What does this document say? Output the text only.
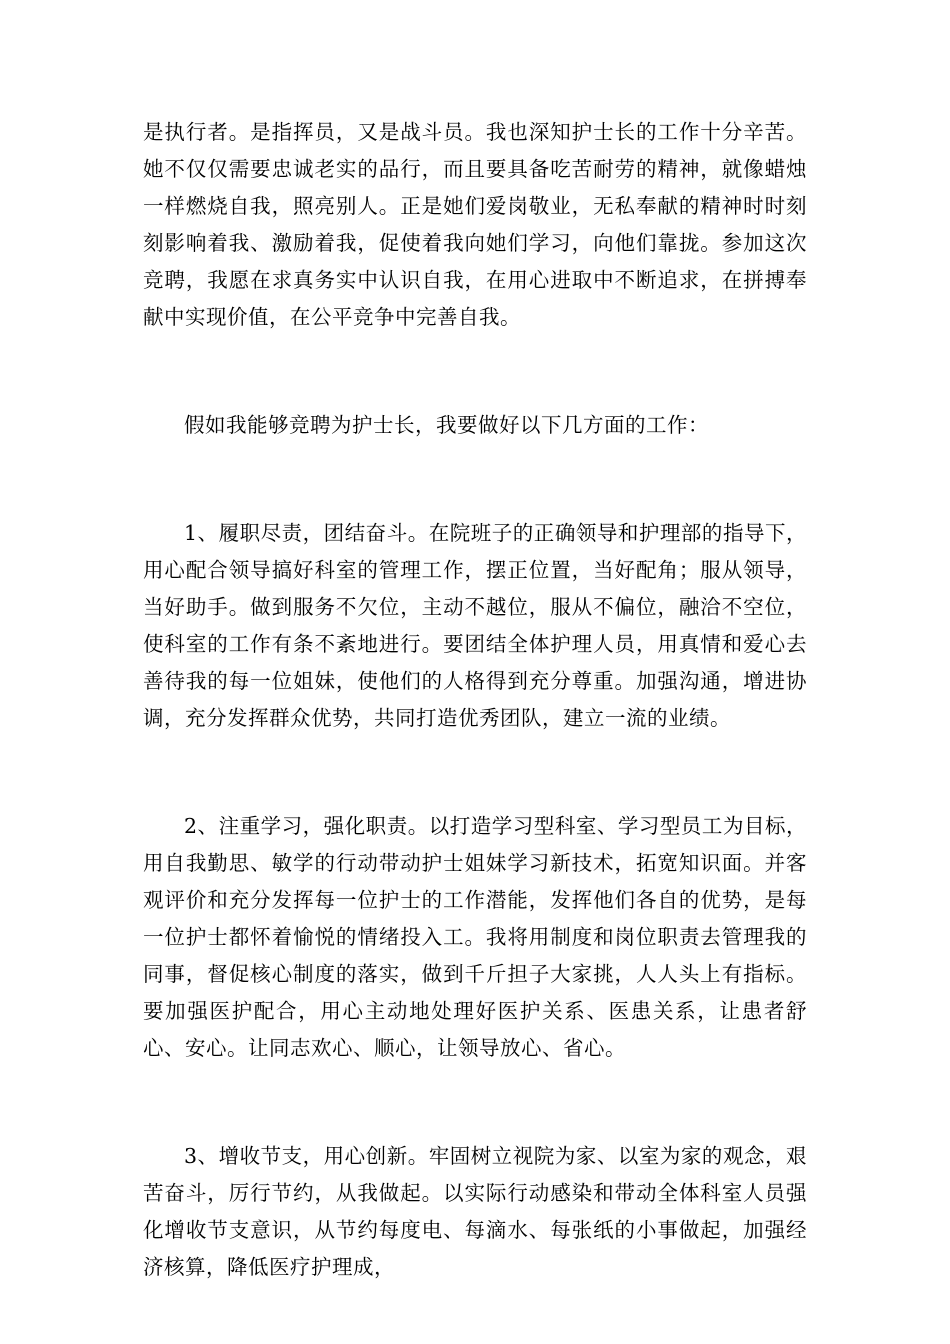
是执行者。是指挥员，又是战斗员。我也深知护士长的工作十分辛苦。她不仅仅需要忠诚老实的品行，而且要具备吃苦耐劳的精神，就像蜡烛一样燃烧自我，照亮别人。正是她们爱岗敬业，无私奉献的精神时时刻刻影响着我、激励着我，促使着我向她们学习，向他们靠拢。参加这次竞聘，我愿在求真务实中认识自我，在用心进取中不断追求，在拼搏奉献中实现价值，在公平竞争中完善自我。

假如我能够竞聘为护士长，我要做好以下几方面的工作：

1、履职尽责，团结奋斗。在院班子的正确领导和护理部的指导下，用心配合领导搞好科室的管理工作，摆正位置，当好配角；服从领导，当好助手。做到服务不欠位，主动不越位，服从不偏位，融洽不空位，使科室的工作有条不紊地进行。要团结全体护理人员，用真情和爱心去善待我的每一位姐妹，使他们的人格得到充分尊重。加强沟通，增进协调，充分发挥群众优势，共同打造优秀团队，建立一流的业绩。

2、注重学习，强化职责。以打造学习型科室、学习型员工为目标，用自我勤思、敏学的行动带动护士姐妹学习新技术，拓宽知识面。并客观评价和充分发挥每一位护士的工作潜能，发挥他们各自的优势，是每一位护士都怀着愉悦的情绪投入工。我将用制度和岗位职责去管理我的同事，督促核心制度的落实，做到千斤担子大家挑，人人头上有指标。要加强医护配合，用心主动地处理好医护关系、医患关系，让患者舒心、安心。让同志欢心、顺心，让领导放心、省心。

3、增收节支，用心创新。牢固树立视院为家、以室为家的观念，艰苦奋斗，厉行节约，从我做起。以实际行动感染和带动全体科室人员强化增收节支意识，从节约每度电、每滴水、每张纸的小事做起，加强经济核算，降低医疗护理成，
